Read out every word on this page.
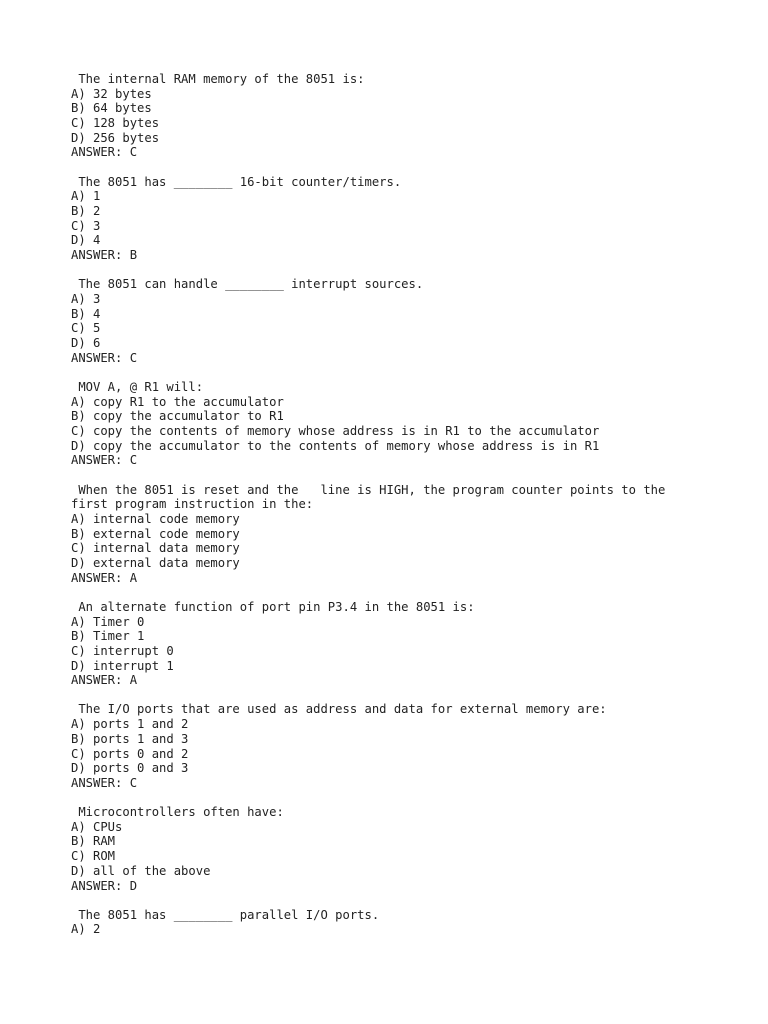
The internal RAM memory of the 8051 is:
A) 32 bytes
B) 64 bytes
C) 128 bytes
D) 256 bytes
ANSWER: C
The 8051 has ________ 16-bit counter/timers.
A) 1
B) 2
C) 3
D) 4
ANSWER: B
The 8051 can handle ________ interrupt sources.
A) 3
B) 4
C) 5
D) 6
ANSWER: C
MOV A, @ R1 will:
A) copy R1 to the accumulator
B) copy the accumulator to R1
C) copy the contents of memory whose address is in R1 to the accumulator
D) copy the accumulator to the contents of memory whose address is in R1
ANSWER: C
When the 8051 is reset and the   line is HIGH, the program counter points to the
first program instruction in the:
A) internal code memory
B) external code memory
C) internal data memory
D) external data memory
ANSWER: A
An alternate function of port pin P3.4 in the 8051 is:
A) Timer 0
B) Timer 1
C) interrupt 0
D) interrupt 1
ANSWER: A
The I/O ports that are used as address and data for external memory are:
A) ports 1 and 2
B) ports 1 and 3
C) ports 0 and 2
D) ports 0 and 3
ANSWER: C
Microcontrollers often have:
A) CPUs
B) RAM
C) ROM
D) all of the above
ANSWER: D
The 8051 has ________ parallel I/O ports.
A) 2
